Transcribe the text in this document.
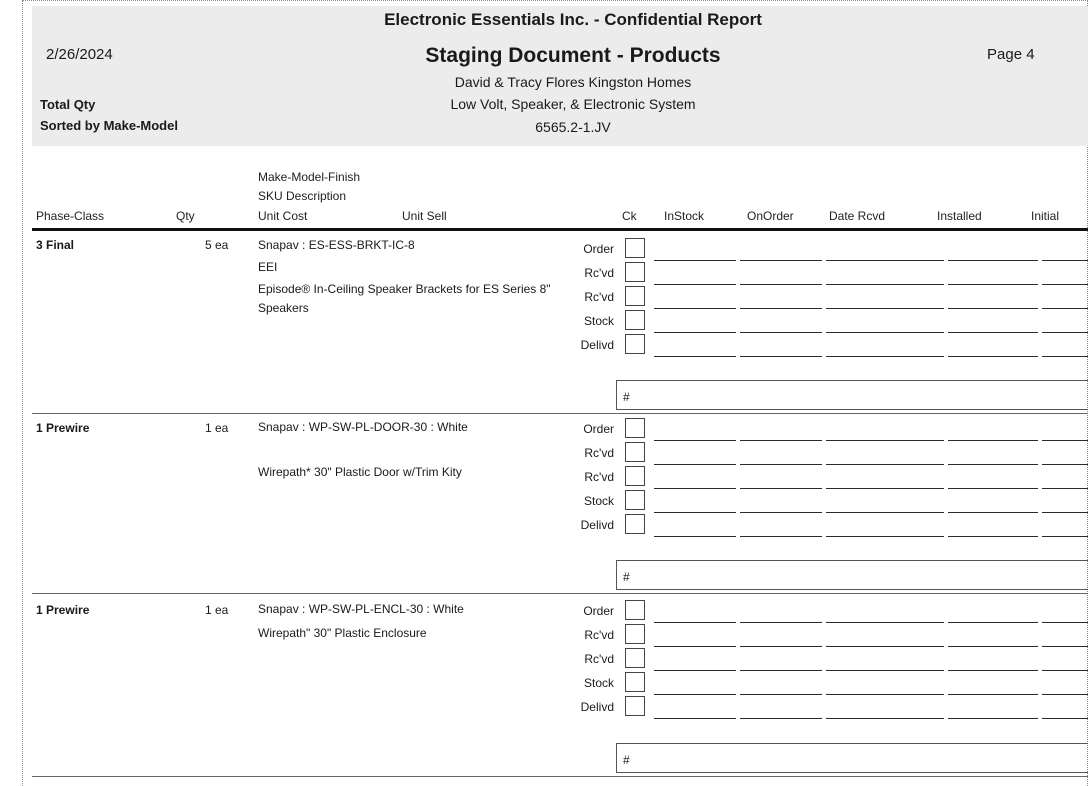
2/26/2024	Page 4
Total Qty
Sorted by Make-Model
Electronic Essentials Inc. - Confidential Report
Staging Document - Products
David & Tracy Flores Kingston Homes
Low Volt, Speaker, & Electronic System
6565.2-1.JV
Make-Model-Finish
SKU Description
Phase-Class	Qty	Unit Cost	Unit Sell	Ck InStock	OnOrder	Date Rcvd	Installed	Initial
3 Final	5 ea Snapav : ES-ESS-BRKT-IC-8
EEI
Episode® In-Ceiling Speaker Brackets for ES Series 8" Speakers
Order
Rc'vd
Rc'vd
Stock
Delivd
#
1 Prewire	1 ea Snapav : WP-SW-PL-DOOR-30 : White
Wirepath* 30" Plastic Door w/Trim Kity
Order
Rc'vd
Rc'vd
Stock
Delivd
#
1 Prewire	1 ea Snapav : WP-SW-PL-ENCL-30 : White
Wirepath" 30" Plastic Enclosure
Order
Rc'vd
Rc'vd
Stock
Delivd
#
